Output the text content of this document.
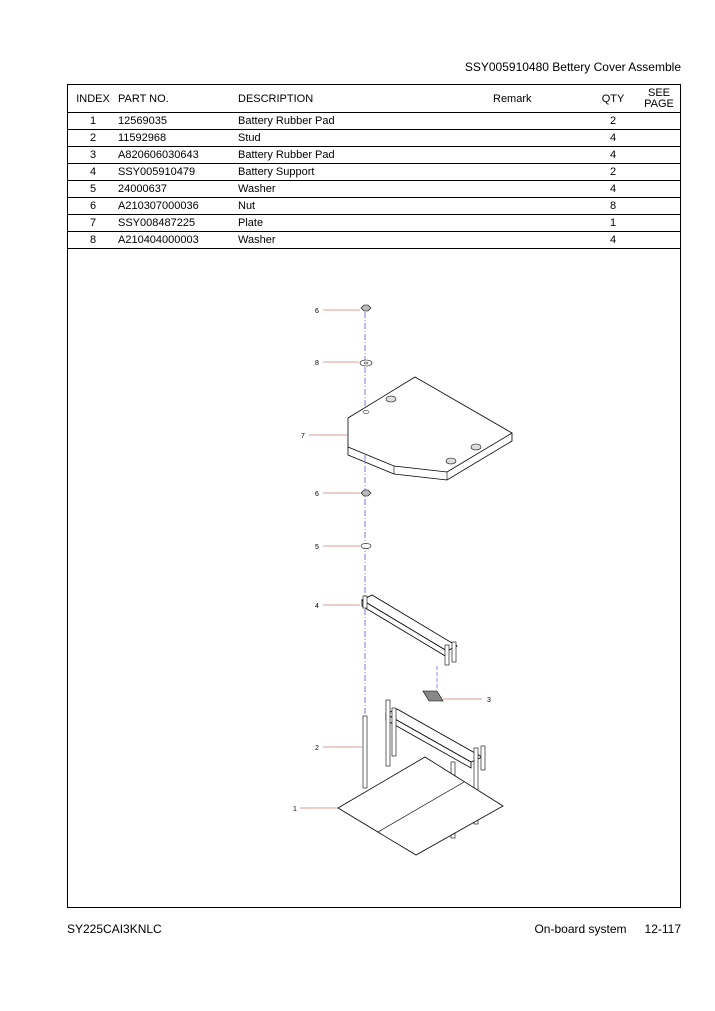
SSY005910480 Bettery Cover Assemble
INDEX	PART NO.	DESCRIPTION	Remark	QTY	SEE
PAGE

1	12569035	Battery Rubber Pad		2	
2	11592968	Stud		4	
3	A820606030643	Battery Rubber Pad		4	
4	SSY005910479	Battery Support		2	
5	24000637	Washer		4	
6	A210307000036	Nut		8	
7	SSY008487225	Plate		1	
8	A210404000003	Washer		4	
6
8
7
6
5
4
3
2
1
SY225CAI3KNLC	On-board system 12-117
